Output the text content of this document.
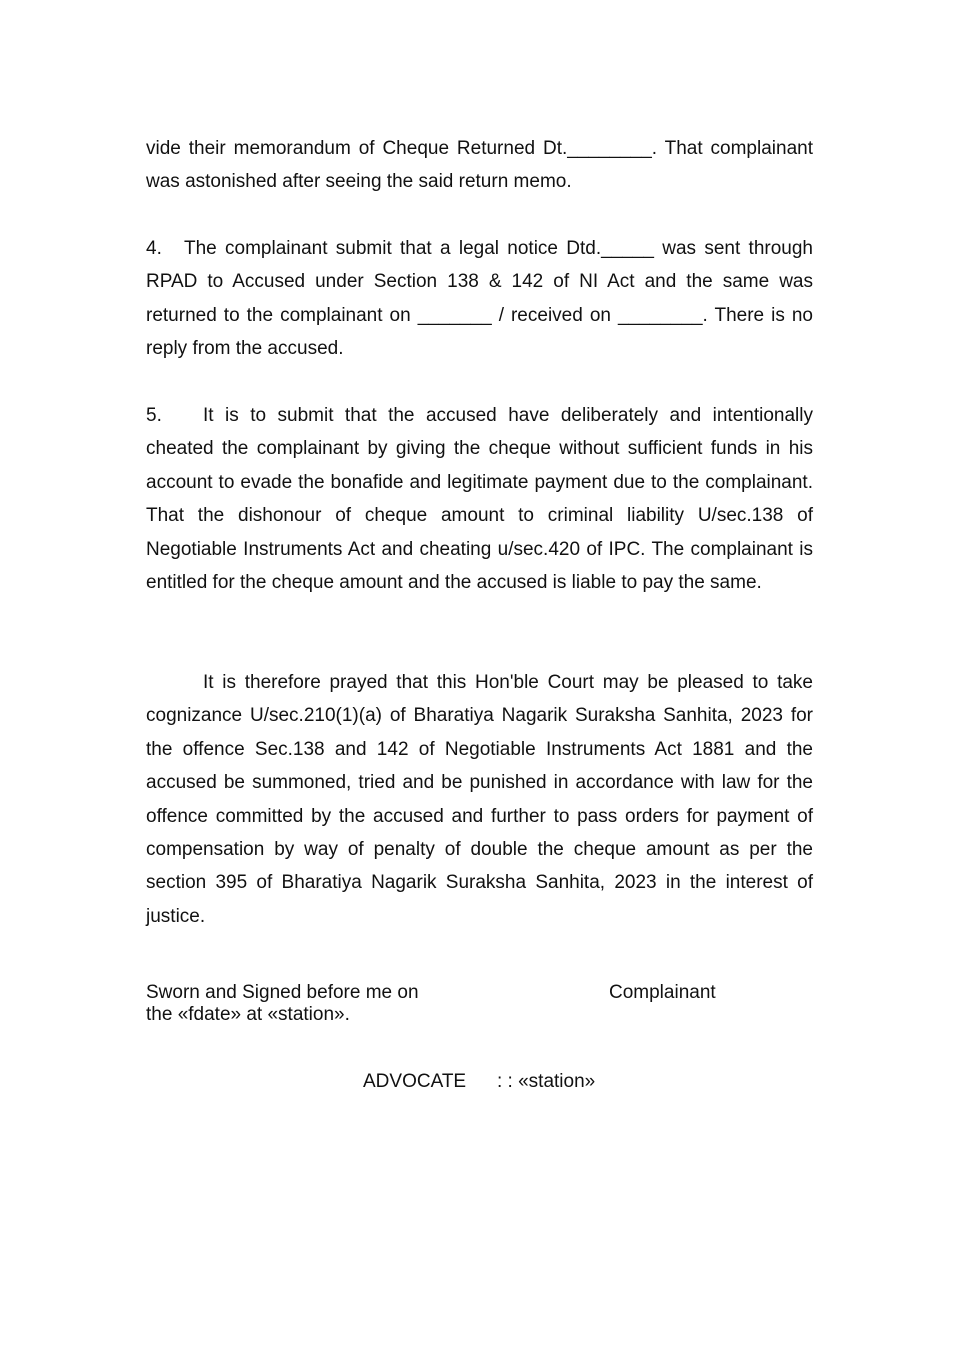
vide their memorandum of Cheque Returned Dt.________. That complainant was astonished after seeing the said return memo.

4. The complainant submit that a legal notice Dtd._____ was sent through RPAD to Accused under Section 138 & 142 of NI Act and the same was returned to the complainant on _______ / received on ________. There is no reply from the accused.

5. It is to submit that the accused have deliberately and intentionally cheated the complainant by giving the cheque without sufficient funds in his account to evade the bonafide and legitimate payment due to the complainant. That the dishonour of cheque amount to criminal liability U/sec.138 of Negotiable Instruments Act and cheating u/sec.420 of IPC. The complainant is entitled for the cheque amount and the accused is liable to pay the same.

It is therefore prayed that this Hon'ble Court may be pleased to take cognizance U/sec.210(1)(a) of Bharatiya Nagarik Suraksha Sanhita, 2023 for the offence Sec.138 and 142 of Negotiable Instruments Act 1881 and the accused be summoned, tried and be punished in accordance with law for the offence committed by the accused and further to pass orders for payment of compensation by way of penalty of double the cheque amount as per the section 395 of Bharatiya Nagarik Suraksha Sanhita, 2023 in the interest of justice.

Sworn and Signed before me on
the «fdate» at «station».
Complainant
ADVOCATE : : «station»
